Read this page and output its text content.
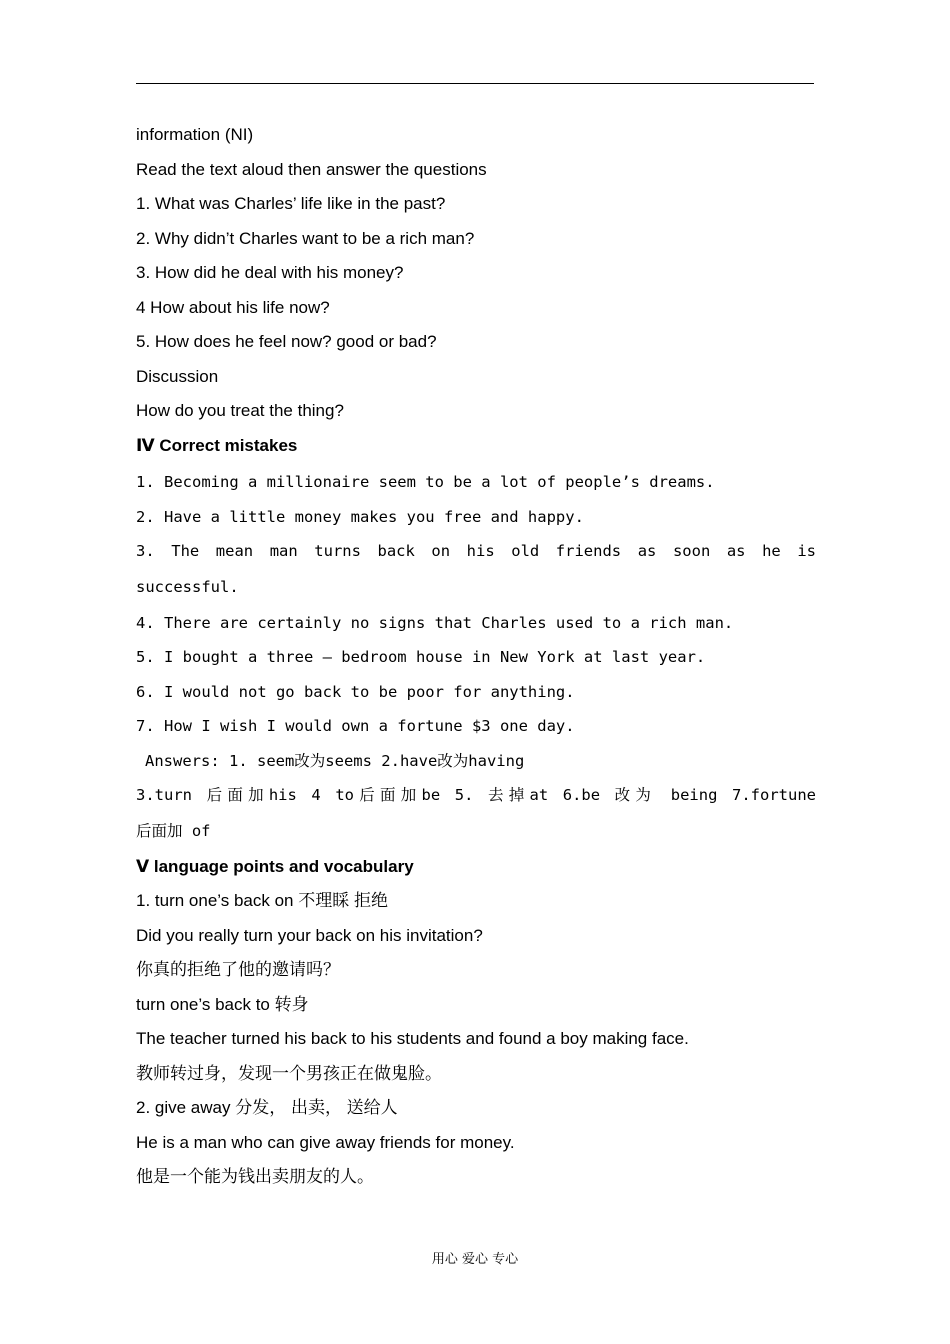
information (NI)
Read the text aloud then answer the questions
1. What was Charles’ life like in the past?
2. Why didn’t Charles want to be a rich man?
3. How did he deal with his money?
4 How about his life now?
5. How does he feel now? good or bad?
Discussion
How do you treat the thing?
Ⅳ Correct mistakes
1. Becoming a millionaire seem to be a lot of people’s dreams.
2. Have a little money makes you free and happy.
3. The mean man turns back on his old friends as soon as he is
successful.
4. There are certainly no signs that Charles used to a rich man.
5. I bought a three – bedroom house in New York at last year.
6. I would not go back to be poor for anything.
7. How I wish I would own a fortune $3 one day.
Answers: 1. seem改为seems 2.have改为having
3.turn 后面加his 4 to后面加be 5. 去掉at 6.be 改为 being 7.fortune
后面加 of
Ⅴ language points and vocabulary
1. turn one’s back on 不理睬 拒绝
Did you really turn your back on his invitation?
你真的拒绝了他的邀请吗？
turn one’s back to 转身
The teacher turned his back to his students and found a boy making face.
教师转过身，发现一个男孩正在做鬼脸。
2. give away 分发， 出卖， 送给人
He is a man who can give away friends for money.
他是一个能为钱出卖朋友的人。
用心 爱心 专心
